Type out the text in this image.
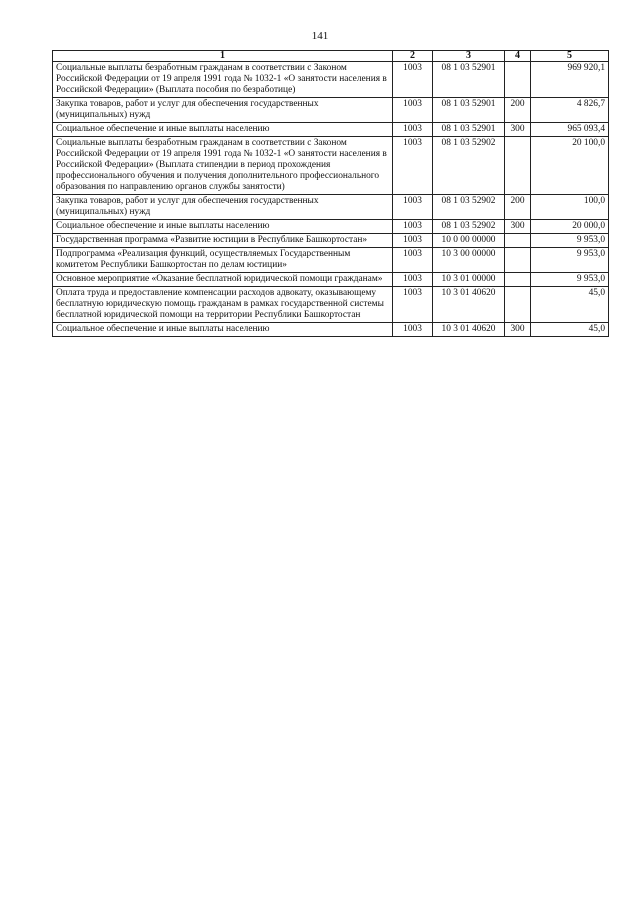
141
1	2	3	4	5
Социальные выплаты безработным гражданам в соответствии с Законом Российской Федерации от 19 апреля 1991 года № 1032-1 «О занятости населения в Российской Федерации» (Выплата пособия по безработице)	1003	08 1 03 52901		969 920,1
Закупка товаров, работ и услуг для обеспечения государственных (муниципальных) нужд	1003	08 1 03 52901	200	4 826,7
Социальное обеспечение и иные выплаты населению	1003	08 1 03 52901	300	965 093,4
Социальные выплаты безработным гражданам в соответствии с Законом Российской Федерации от 19 апреля 1991 года № 1032-1 «О занятости населения в Российской Федерации» (Выплата стипендии в период прохождения профессионального обучения и получения дополнительного профессионального образования по направлению органов службы занятости)	1003	08 1 03 52902		20 100,0
Закупка товаров, работ и услуг для обеспечения государственных (муниципальных) нужд	1003	08 1 03 52902	200	100,0
Социальное обеспечение и иные выплаты населению	1003	08 1 03 52902	300	20 000,0
Государственная программа «Развитие юстиции в Республике Башкортостан»	1003	10 0 00 00000		9 953,0
Подпрограмма «Реализация функций, осуществляемых Государственным комитетом Республики Башкортостан по делам юстиции»	1003	10 3 00 00000		9 953,0
Основное мероприятие «Оказание бесплатной юридической помощи гражданам»	1003	10 3 01 00000		9 953,0
Оплата труда и предоставление компенсации расходов адвокату, оказывающему бесплатную юридическую помощь гражданам в рамках государственной системы бесплатной юридической помощи на территории Республики Башкортостан	1003	10 3 01 40620		45,0
Социальное обеспечение и иные выплаты населению	1003	10 3 01 40620	300	45,0
